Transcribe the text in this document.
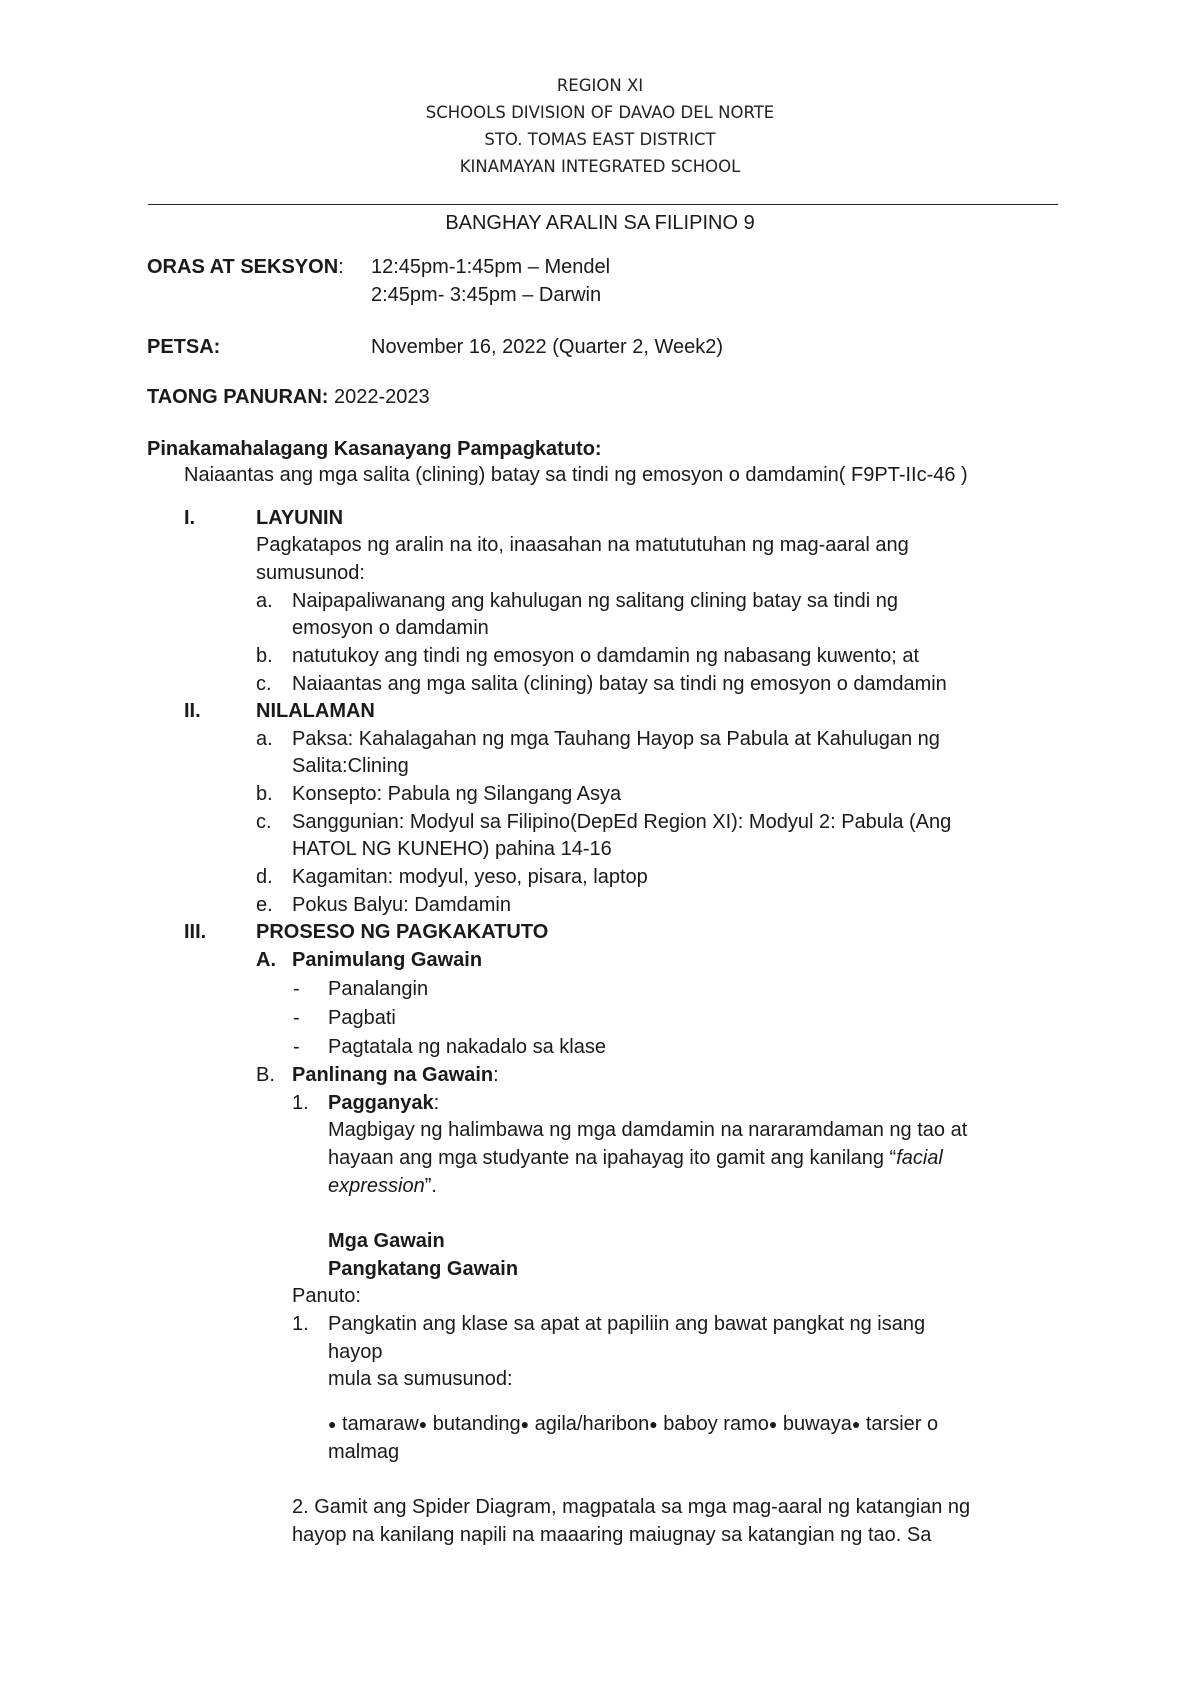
REGION XI
SCHOOLS DIVISION OF DAVAO DEL NORTE
STO. TOMAS EAST DISTRICT
KINAMAYAN INTEGRATED SCHOOL
BANGHAY ARALIN SA FILIPINO 9
ORAS AT SEKSYON: 12:45pm-1:45pm – Mendel
2:45pm- 3:45pm – Darwin
PETSA:	November 16, 2022 (Quarter 2, Week2)
TAONG PANURAN: 2022-2023
Pinakamahalagang Kasanayang Pampagkatuto:
Naiaantas ang mga salita (clining) batay sa tindi ng emosyon o damdamin( F9PT-IIc-46 )
I.	LAYUNIN
Pagkatapos ng aralin na ito, inaasahan na matututuhan ng mag-aaral ang
sumusunod:
a. Naipapaliwanang ang kahulugan ng salitang clining batay sa tindi ng
emosyon o damdamin
b. natutukoy ang tindi ng emosyon o damdamin ng nabasang kuwento; at
c. Naiaantas ang mga salita (clining) batay sa tindi ng emosyon o damdamin
II.	NILALAMAN
a. Paksa: Kahalagahan ng mga Tauhang Hayop sa Pabula at Kahulugan ng
Salita:Clining
b. Konsepto: Pabula ng Silangang Asya
c. Sanggunian: Modyul sa Filipino(DepEd Region XI): Modyul 2: Pabula (Ang
HATOL NG KUNEHO) pahina 14-16
d. Kagamitan: modyul, yeso, pisara, laptop
e. Pokus Balyu: Damdamin
III. PROSESO NG PAGKAKATUTO
A. Panimulang Gawain
- Panalangin
- Pagbati
- Pagtatala ng nakadalo sa klase
B. Panlinang na Gawain:
1. Pagganyak:
Magbigay ng halimbawa ng mga damdamin na nararamdaman ng tao at
hayaan ang mga studyante na ipahayag ito gamit ang kanilang “facial
expression”.
Mga Gawain
Pangkatang Gawain
Panuto:
1. Pangkatin ang klase sa apat at papiliin ang bawat pangkat ng isang
hayop
mula sa sumusunod:
● tamaraw● butanding● agila/haribon● baboy ramo● buwaya● tarsier o
malmag
2. Gamit ang Spider Diagram, magpatala sa mga mag-aaral ng katangian ng
hayop na kanilang napili na maaaring maiugnay sa katangian ng tao. Sa
